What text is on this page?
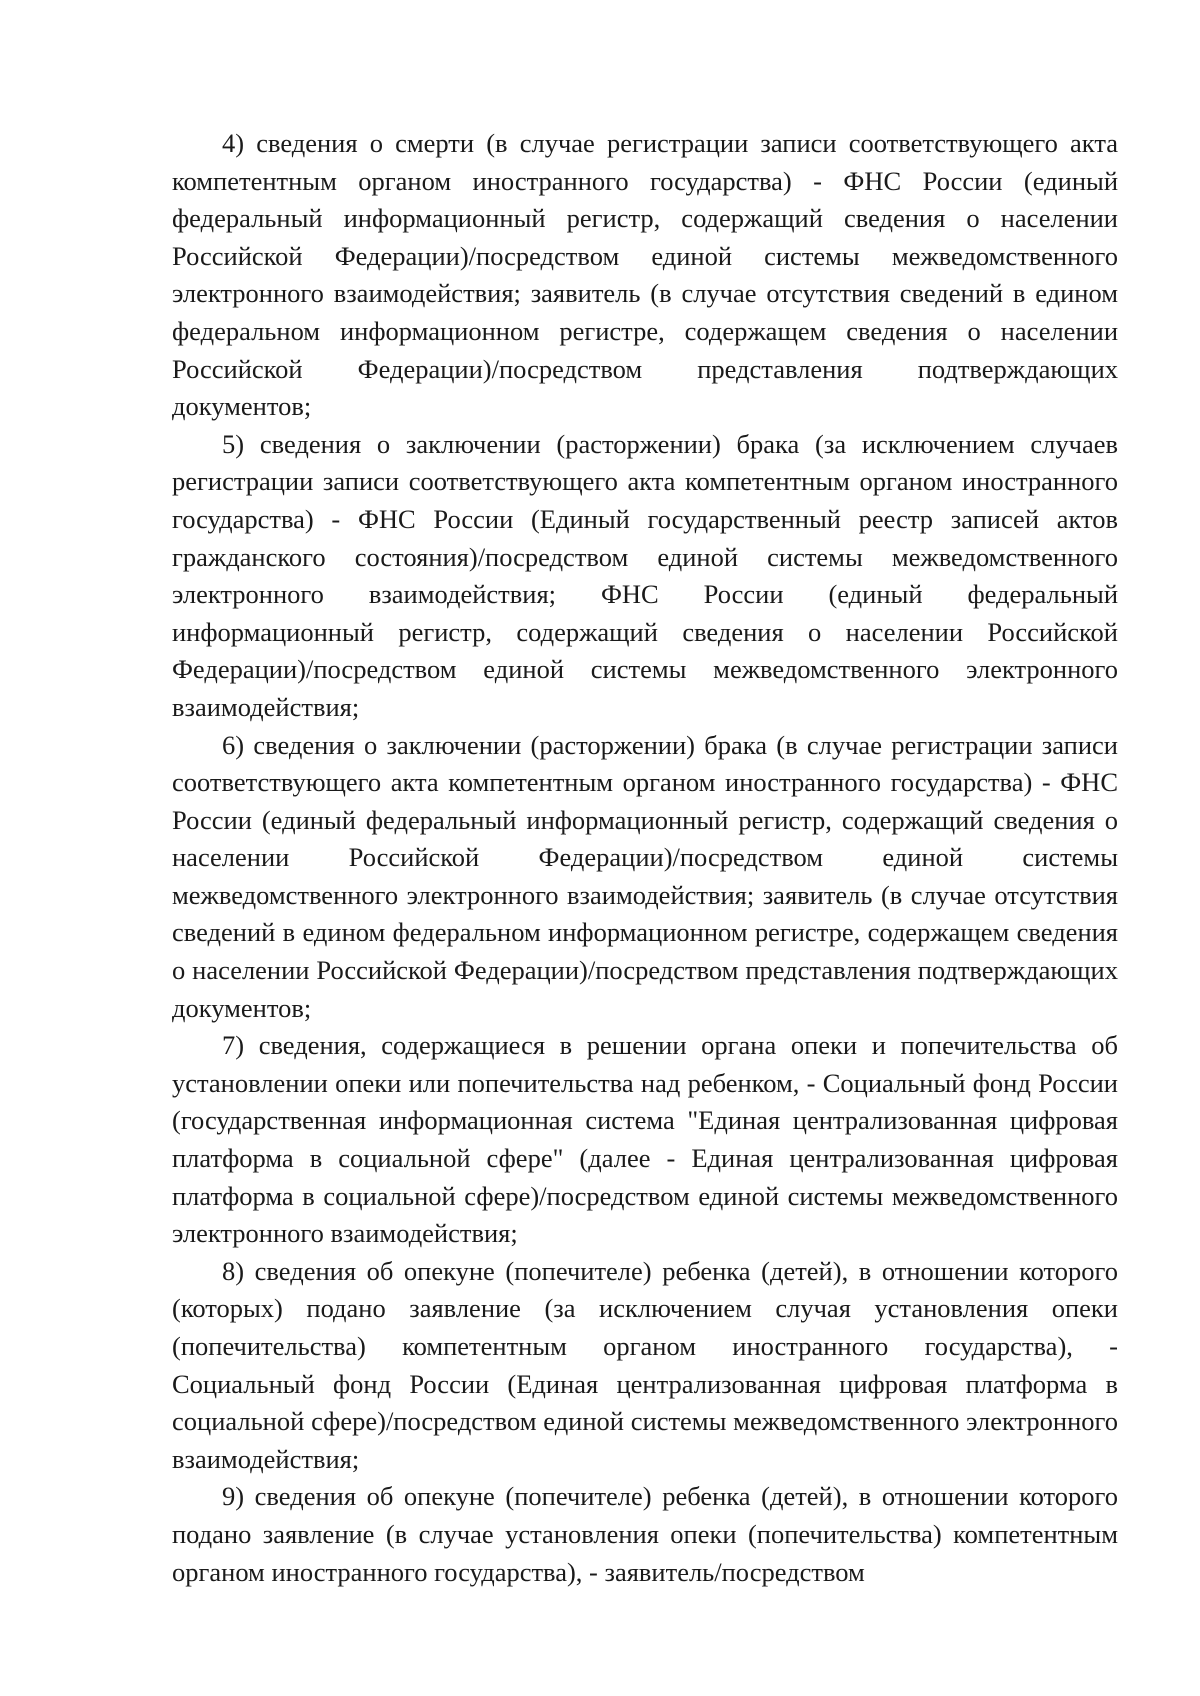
4) сведения о смерти (в случае регистрации записи соответствующего акта компетентным органом иностранного государства) - ФНС России (единый федеральный информационный регистр, содержащий сведения о населении Российской Федерации)/посредством единой системы межведомственного электронного взаимодействия; заявитель (в случае отсутствия сведений в едином федеральном информационном регистре, содержащем сведения о населении Российской Федерации)/посредством представления подтверждающих документов;

5) сведения о заключении (расторжении) брака (за исключением случаев регистрации записи соответствующего акта компетентным органом иностранного государства) - ФНС России (Единый государственный реестр записей актов гражданского состояния)/посредством единой системы межведомственного электронного взаимодействия; ФНС России (единый федеральный информационный регистр, содержащий сведения о населении Российской Федерации)/посредством единой системы межведомственного электронного взаимодействия;

6) сведения о заключении (расторжении) брака (в случае регистрации записи соответствующего акта компетентным органом иностранного государства) - ФНС России (единый федеральный информационный регистр, содержащий сведения о населении Российской Федерации)/посредством единой системы межведомственного электронного взаимодействия; заявитель (в случае отсутствия сведений в едином федеральном информационном регистре, содержащем сведения о населении Российской Федерации)/посредством представления подтверждающих документов;

7) сведения, содержащиеся в решении органа опеки и попечительства об установлении опеки или попечительства над ребенком, - Социальный фонд России (государственная информационная система "Единая централизованная цифровая платформа в социальной сфере" (далее - Единая централизованная цифровая платформа в социальной сфере)/посредством единой системы межведомственного электронного взаимодействия;

8) сведения об опекуне (попечителе) ребенка (детей), в отношении которого (которых) подано заявление (за исключением случая установления опеки (попечительства) компетентным органом иностранного государства), - Социальный фонд России (Единая централизованная цифровая платформа в социальной сфере)/посредством единой системы межведомственного электронного взаимодействия;

9) сведения об опекуне (попечителе) ребенка (детей), в отношении которого подано заявление (в случае установления опеки (попечительства) компетентным органом иностранного государства), - заявитель/посредством
